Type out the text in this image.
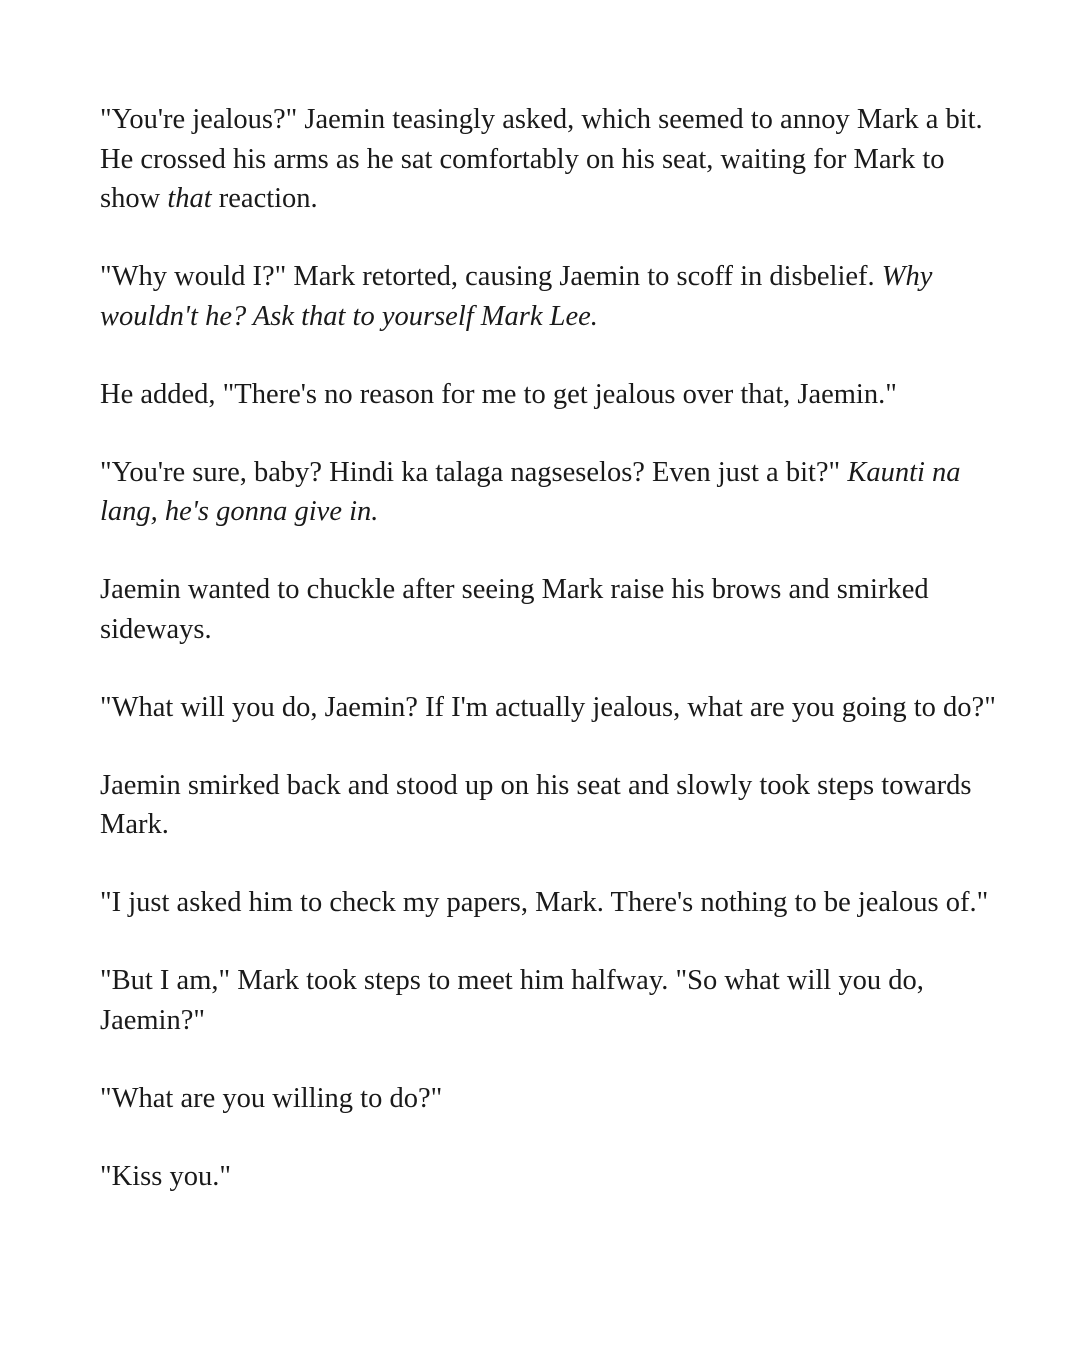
"You're jealous?" Jaemin teasingly asked, which seemed to annoy Mark a bit. He crossed his arms as he sat comfortably on his seat, waiting for Mark to show that reaction.

"Why would I?" Mark retorted, causing Jaemin to scoff in disbelief. Why wouldn't he? Ask that to yourself Mark Lee.

He added, "There's no reason for me to get jealous over that, Jaemin."

"You're sure, baby? Hindi ka talaga nagseselos? Even just a bit?" Kaunti na lang, he's gonna give in.

Jaemin wanted to chuckle after seeing Mark raise his brows and smirked sideways.

"What will you do, Jaemin? If I'm actually jealous, what are you going to do?"

Jaemin smirked back and stood up on his seat and slowly took steps towards Mark.

"I just asked him to check my papers, Mark. There's nothing to be jealous of."

"But I am," Mark took steps to meet him halfway. "So what will you do, Jaemin?"

"What are you willing to do?"

"Kiss you."
